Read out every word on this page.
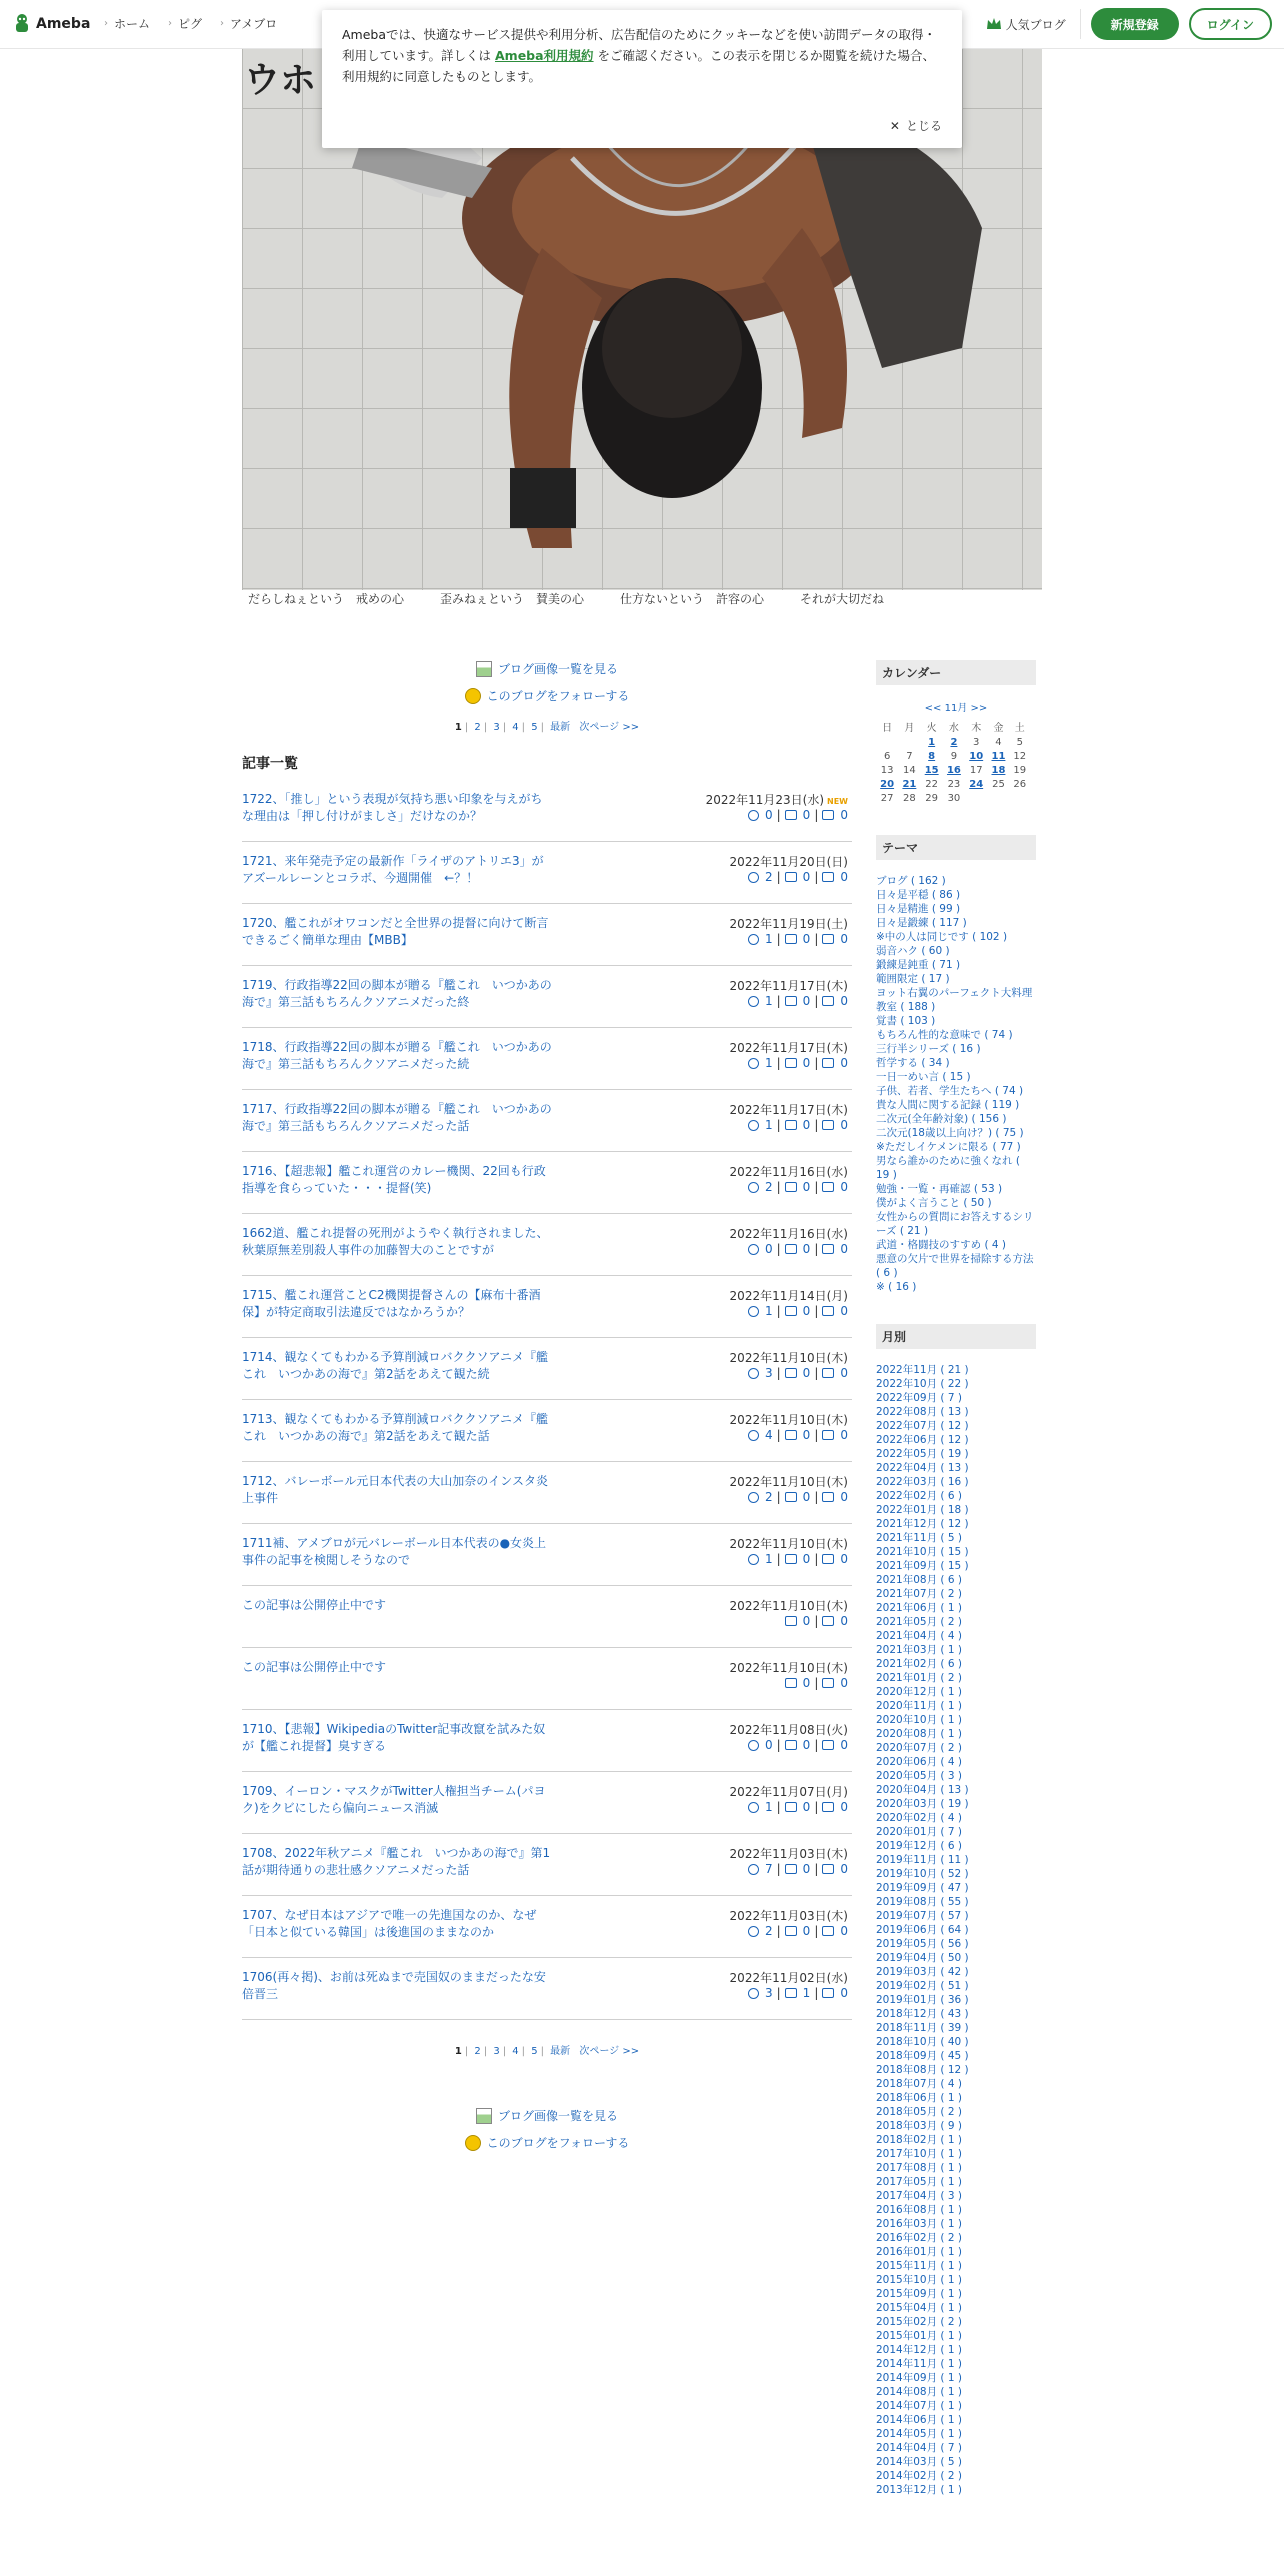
Ameba › ホーム › ピグ › アメブロ	人気ブログ	新規登録	ログイン
ウホ
だらしねぇという　戒めの心　　　歪みねぇという　賛美の心　　　仕方ないという　許容の心　　　それが大切だね

Amebaでは、快適なサービス提供や利用分析、広告配信のためにクッキーなどを使い訪問データの取得・利用しています。詳しくは Ameba利用規約 をご確認ください。この表示を閉じるか閲覧を続けた場合、利用規約に同意したものとします。

✕ とじる
ブログ画像一覧を見る
このブログをフォローする
1 | 2 | 3 | 4 | 5 | 最新 次ページ >>
記事一覧
1722、「推し」という表現が気持ち悪い印象を与えがちな理由は「押し付けがましさ」だけなのか？
2022年11月23日(水) NEW
0 | 0 | 0
1721、来年発売予定の最新作「ライザのアトリエ3」がアズールレーンとコラボ、今週開催　←？！
2022年11月20日(日)
2 | 0 | 0
1720、艦これがオワコンだと全世界の提督に向けて断言できるごく簡単な理由【MBB】
2022年11月19日(土)
1 | 0 | 0
1719、行政指導22回の脚本が贈る『艦これ　いつかあの海で』第三話もちろんクソアニメだった終
2022年11月17日(木)
1 | 0 | 0
1718、行政指導22回の脚本が贈る『艦これ　いつかあの海で』第三話もちろんクソアニメだった続
2022年11月17日(木)
1 | 0 | 0
1717、行政指導22回の脚本が贈る『艦これ　いつかあの海で』第三話もちろんクソアニメだった話
2022年11月17日(木)
1 | 0 | 0
1716、【超悲報】艦これ運営のカレー機関、22回も行政指導を食らっていた・・・提督(笑)
2022年11月16日(水)
2 | 0 | 0
1662道、艦これ提督の死刑がようやく執行されました、秋葉原無差別殺人事件の加藤智大のことですが
2022年11月16日(水)
0 | 0 | 0
1715、艦これ運営ことC2機関提督さんの【麻布十番酒保】が特定商取引法違反ではなかろうか？
2022年11月14日(月)
1 | 0 | 0
1714、観なくてもわかる予算削減ロバククソアニメ『艦これ　いつかあの海で』第2話をあえて観た続
2022年11月10日(木)
3 | 0 | 0
1713、観なくてもわかる予算削減ロバククソアニメ『艦これ　いつかあの海で』第2話をあえて観た話
2022年11月10日(木)
4 | 0 | 0
1712、バレーボール元日本代表の大山加奈のインスタ炎上事件
2022年11月10日(木)
2 | 0 | 0
1711補、アメブロが元バレーボール日本代表の●女炎上事件の記事を検閲しそうなので
2022年11月10日(木)
1 | 0 | 0
この記事は公開停止中です	2022年11月10日(木)
0 | 0
この記事は公開停止中です	2022年11月10日(木)
0 | 0
1710、【悲報】WikipediaのTwitter記事改竄を試みた奴が【艦これ提督】臭すぎる
2022年11月08日(火)
0 | 0 | 0
1709、イーロン・マスクがTwitter人権担当チーム(パヨク)をクビにしたら偏向ニュース消滅
2022年11月07日(月)
1 | 0 | 0
1708、2022年秋アニメ『艦これ　いつかあの海で』第1話が期待通りの悲壮感クソアニメだった話
2022年11月03日(木)
7 | 0 | 0
1707、なぜ日本はアジアで唯一の先進国なのか、なぜ「日本と似ている韓国」は後進国のままなのか
2022年11月03日(木)
2 | 0 | 0
1706(再々掲)、お前は死ぬまで売国奴のままだったな安倍晋三
2022年11月02日(水)
3 | 1 | 0
1 | 2 | 3 | 4 | 5 | 最新 次ページ >>
ブログ画像一覧を見る
このブログをフォローする
カレンダー
<< 11月 >>
日	月	火	水	木	金	土
		1	2	3	4	5
6	7	8	9	10	11	12
13	14	15	16	17	18	19
20	21	22	23	24	25	26
27	28	29	30			
テーマ
ブログ ( 162 )
日々是平穏 ( 86 )
日々是精進 ( 99 )
日々是鍛練 ( 117 )
※中の人は同じです ( 102 )
弱音ハク ( 60 )
鍛練是鈍重 ( 71 )
範囲限定 ( 17 )
ヨット右翼のパーフェクト大料理教室 ( 188 )
覚書 ( 103 )
もちろん性的な意味で ( 74 )
三行半シリーズ ( 16 )
哲学する ( 34 )
一日一めい言 ( 15 )
子供、若者、学生たちへ ( 74 )
貴な人間に関する記録 ( 119 )
二次元(全年齢対象) ( 156 )
二次元(18歳以上向け？) ( 75 )
※ただしイケメンに限る ( 77 )
男なら誰かのために強くなれ ( 19 )
勉強・一覧・再確認 ( 53 )
僕がよく言うこと ( 50 )
女性からの質問にお答えするシリーズ ( 21 )
武道・格闘技のすすめ ( 4 )
悪意の欠片で世界を掃除する方法 ( 6 )
※ ( 16 )
月別
2022年11月 ( 21 )
2022年10月 ( 22 )
2022年09月 ( 7 )
2022年08月 ( 13 )
2022年07月 ( 12 )
2022年06月 ( 12 )
2022年05月 ( 19 )
2022年04月 ( 13 )
2022年03月 ( 16 )
2022年02月 ( 6 )
2022年01月 ( 18 )
2021年12月 ( 12 )
2021年11月 ( 5 )
2021年10月 ( 15 )
2021年09月 ( 15 )
2021年08月 ( 6 )
2021年07月 ( 2 )
2021年06月 ( 1 )
2021年05月 ( 2 )
2021年04月 ( 4 )
2021年03月 ( 1 )
2021年02月 ( 6 )
2021年01月 ( 2 )
2020年12月 ( 1 )
2020年11月 ( 1 )
2020年10月 ( 1 )
2020年08月 ( 1 )
2020年07月 ( 2 )
2020年06月 ( 4 )
2020年05月 ( 3 )
2020年04月 ( 13 )
2020年03月 ( 19 )
2020年02月 ( 4 )
2020年01月 ( 7 )
2019年12月 ( 6 )
2019年11月 ( 11 )
2019年10月 ( 52 )
2019年09月 ( 47 )
2019年08月 ( 55 )
2019年07月 ( 57 )
2019年06月 ( 64 )
2019年05月 ( 56 )
2019年04月 ( 50 )
2019年03月 ( 42 )
2019年02月 ( 51 )
2019年01月 ( 36 )
2018年12月 ( 43 )
2018年11月 ( 39 )
2018年10月 ( 40 )
2018年09月 ( 45 )
2018年08月 ( 12 )
2018年07月 ( 4 )
2018年06月 ( 1 )
2018年05月 ( 2 )
2018年03月 ( 9 )
2018年02月 ( 1 )
2017年10月 ( 1 )
2017年08月 ( 1 )
2017年05月 ( 1 )
2017年04月 ( 3 )
2016年08月 ( 1 )
2016年03月 ( 1 )
2016年02月 ( 2 )
2016年01月 ( 1 )
2015年11月 ( 1 )
2015年10月 ( 1 )
2015年09月 ( 1 )
2015年04月 ( 1 )
2015年02月 ( 2 )
2015年01月 ( 1 )
2014年12月 ( 1 )
2014年11月 ( 1 )
2014年09月 ( 1 )
2014年08月 ( 1 )
2014年07月 ( 1 )
2014年06月 ( 1 )
2014年05月 ( 1 )
2014年04月 ( 7 )
2014年03月 ( 5 )
2014年02月 ( 2 )
2013年12月 ( 1 )
